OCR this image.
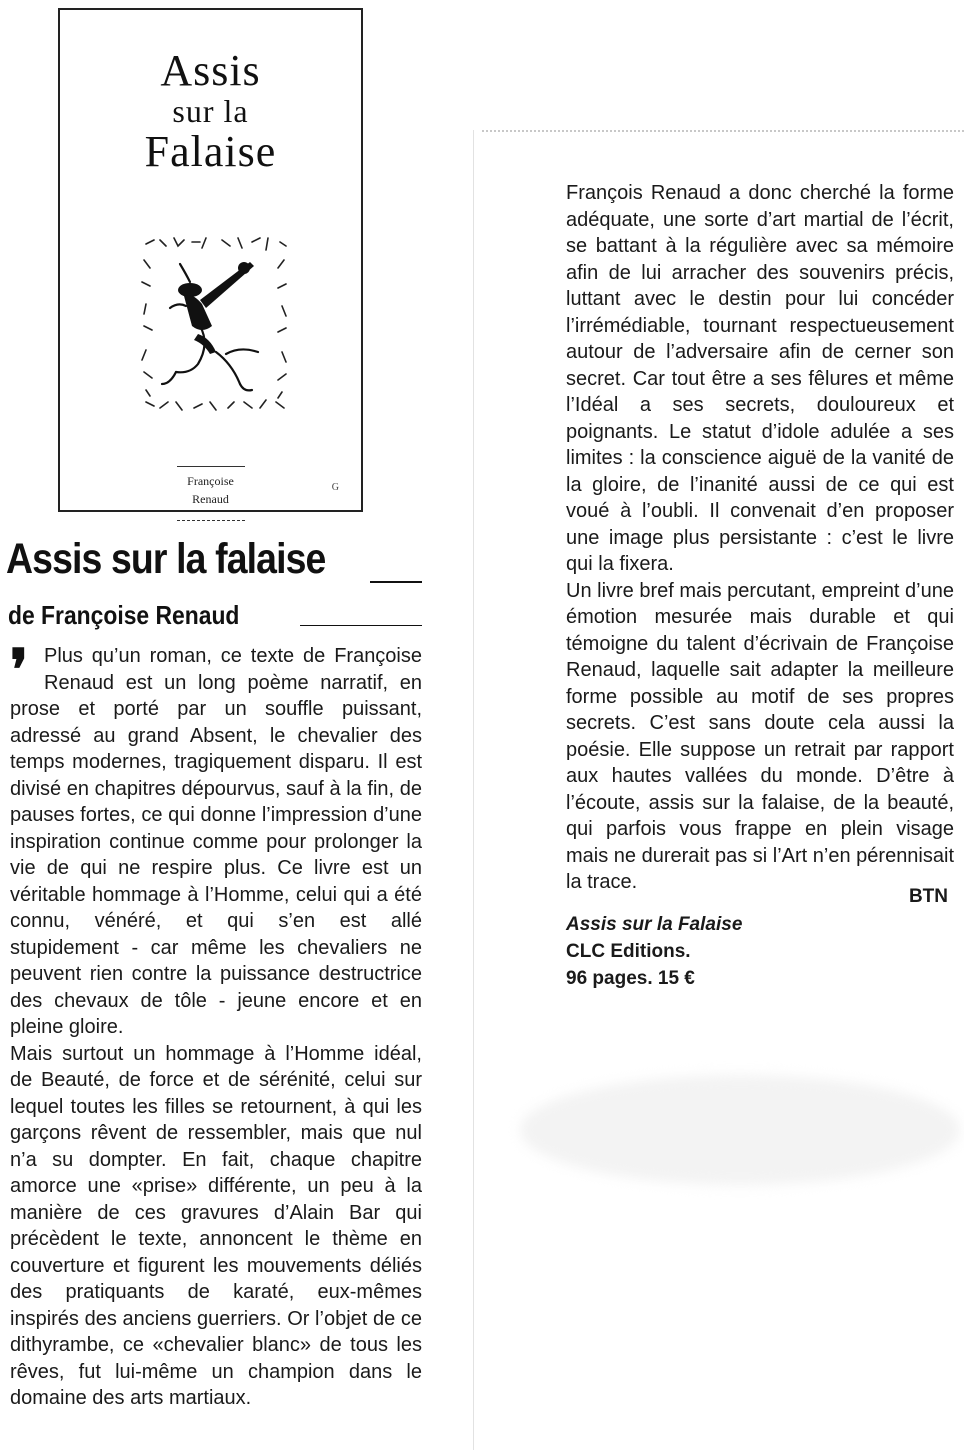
Assis
sur la
Falaise

Françoise
Renaud

G
Assis sur la falaise
de Françoise Renaud
❜ Plus qu’un roman, ce texte de Françoise Renaud est un long poème narratif, en prose et porté par un souffle puissant, adressé au grand Absent, le chevalier des temps modernes, tragiquement disparu. Il est divisé en chapitres dépourvus, sauf à la fin, de pauses fortes, ce qui donne l’impression d’une inspiration continue comme pour prolonger la vie de qui ne respire plus. Ce livre est un véritable hommage à l’Homme, celui qui a été connu, vénéré, et qui s’en est allé stupidement - car même les chevaliers ne peuvent rien contre la puissance destructrice des chevaux de tôle - jeune encore et en pleine gloire.

Mais surtout un hommage à l’Homme idéal, de Beauté, de force et de sérénité, celui sur lequel toutes les filles se retournent, à qui les garçons rêvent de ressembler, mais que nul n’a su dompter. En fait, chaque chapitre amorce une «prise» différente, un peu à la manière de ces gravures d’Alain Bar qui précèdent le texte, annoncent le thème en couverture et figurent les mouvements déliés des pratiquants de karaté, eux-mêmes inspirés des anciens guerriers. Or l’objet de ce dithyrambe, ce «chevalier blanc» de tous les rêves, fut lui-même un champion dans le domaine des arts martiaux.

François Renaud a donc cherché la forme adéquate, une sorte d’art martial de l’écrit, se battant à la régulière avec sa mémoire afin de lui arracher des souvenirs précis, luttant avec le destin pour lui concéder l’irrémédiable, tournant respectueusement autour de l’adversaire afin de cerner son secret. Car tout être a ses fêlures et même l’Idéal a ses secrets, douloureux et poignants. Le statut d’idole adulée a ses limites : la conscience aiguë de la vanité de la gloire, de l’inanité aussi de ce qui est voué à l’oubli. Il convenait d’en proposer une image plus persistante : c’est le livre qui la fixera.

Un livre bref mais percutant, empreint d’une émotion mesurée mais durable et qui témoigne du talent d’écrivain de Françoise Renaud, laquelle sait adapter la meilleure forme possible au motif de ses propres secrets. C’est sans doute cela aussi la poésie. Elle suppose un retrait par rapport aux hautes vallées du monde. D’être à l’écoute, assis sur la falaise, de la beauté, qui parfois vous frappe en plein visage mais ne durerait pas si l’Art n’en pérennisait la trace.

BTN
Assis sur la Falaise
CLC Editions.
96 pages. 15 €
